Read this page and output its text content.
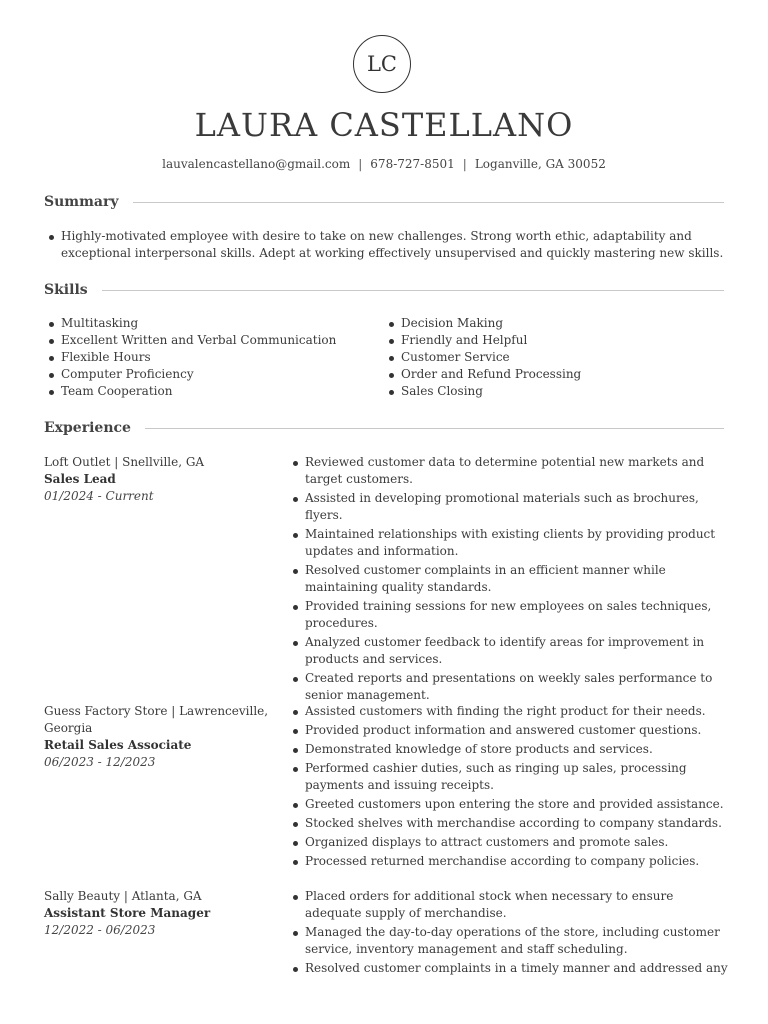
LC
LAURA CASTELLANO
lauvalencastellano@gmail.com | 678-727-8501 | Loganville, GA 30052
Summary
Highly-motivated employee with desire to take on new challenges. Strong worth ethic, adaptability and exceptional interpersonal skills. Adept at working effectively unsupervised and quickly mastering new skills.
Skills
Multitasking
Excellent Written and Verbal Communication
Flexible Hours
Computer Proficiency
Team Cooperation
Decision Making
Friendly and Helpful
Customer Service
Order and Refund Processing
Sales Closing
Experience
Loft Outlet | Snellville, GA
Sales Lead
01/2024 - Current
Reviewed customer data to determine potential new markets and target customers.
Assisted in developing promotional materials such as brochures, flyers.
Maintained relationships with existing clients by providing product updates and information.
Resolved customer complaints in an efficient manner while maintaining quality standards.
Provided training sessions for new employees on sales techniques, procedures.
Analyzed customer feedback to identify areas for improvement in products and services.
Created reports and presentations on weekly sales performance to senior management.
Guess Factory Store | Lawrenceville, Georgia
Retail Sales Associate
06/2023 - 12/2023
Assisted customers with finding the right product for their needs.
Provided product information and answered customer questions.
Demonstrated knowledge of store products and services.
Performed cashier duties, such as ringing up sales, processing payments and issuing receipts.
Greeted customers upon entering the store and provided assistance.
Stocked shelves with merchandise according to company standards.
Organized displays to attract customers and promote sales.
Processed returned merchandise according to company policies.
Sally Beauty | Atlanta, GA
Assistant Store Manager
12/2022 - 06/2023
Placed orders for additional stock when necessary to ensure adequate supply of merchandise.
Managed the day-to-day operations of the store, including customer service, inventory management and staff scheduling.
Resolved customer complaints in a timely manner and addressed any
